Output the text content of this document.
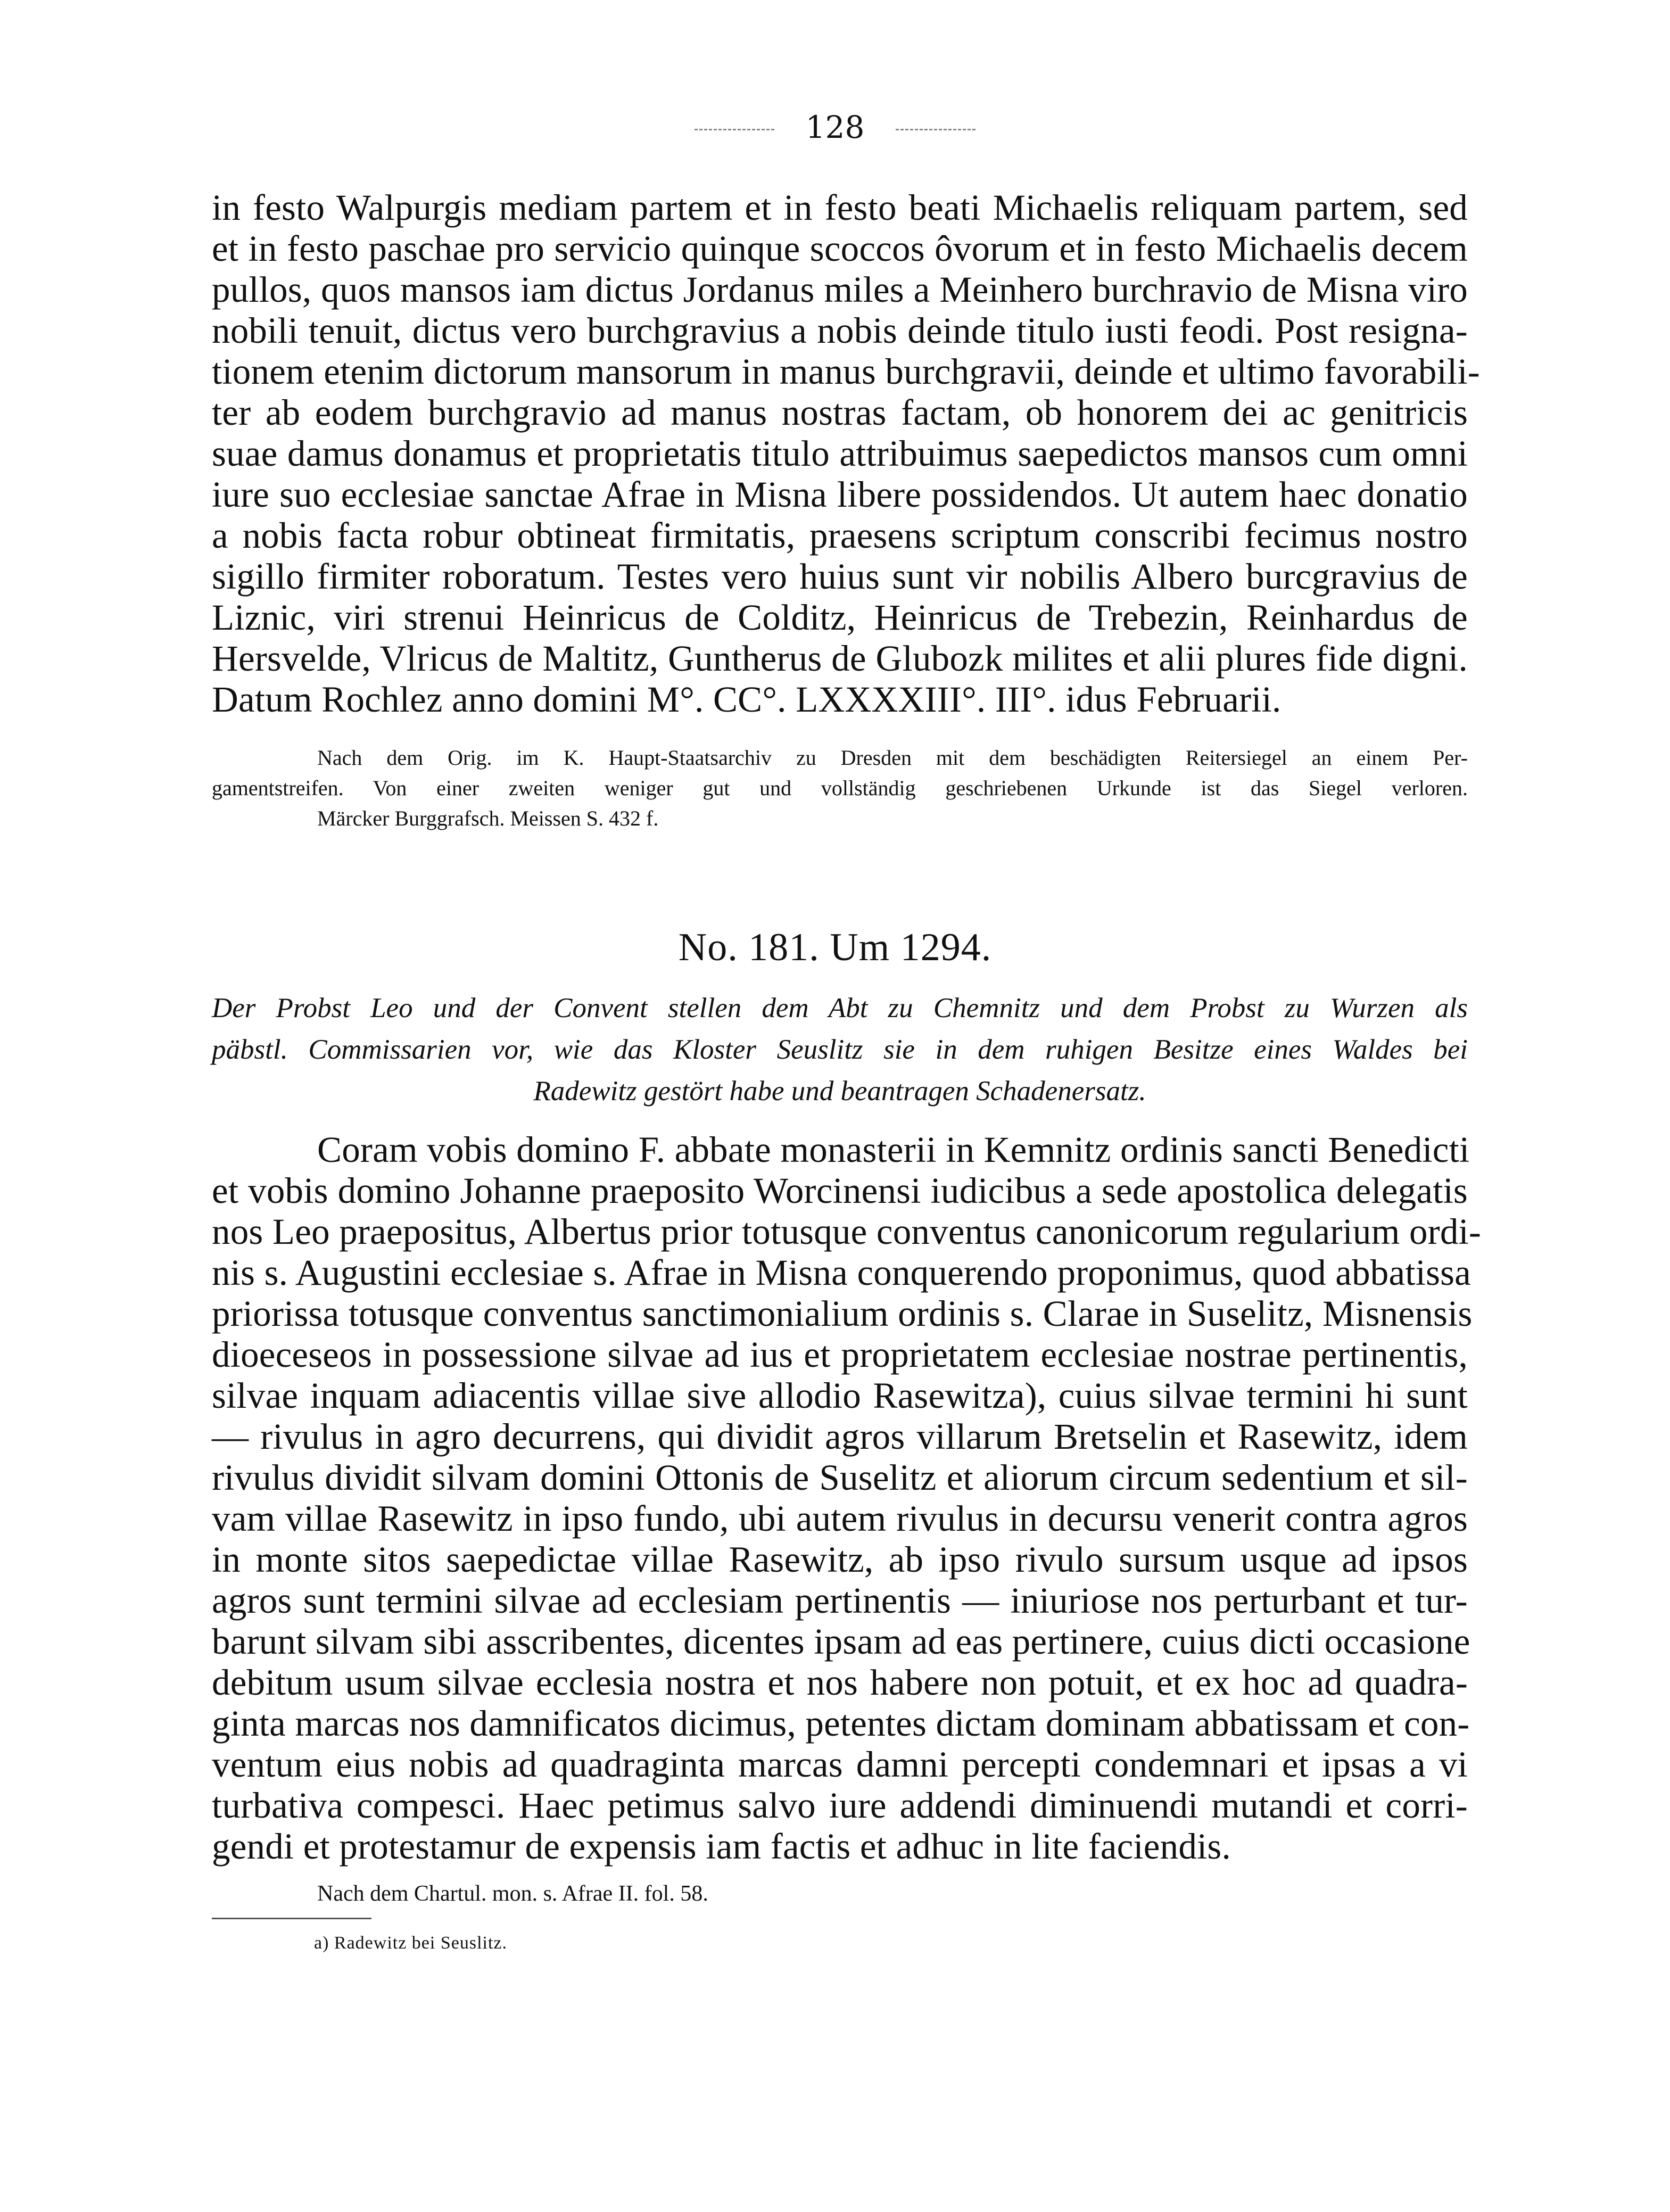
128
in festo Walpurgis mediam partem et in festo beati Michaelis reliquam partem, sed
et in festo paschae pro servicio quinque scoccos ôvorum et in festo Michaelis decem
pullos, quos mansos iam dictus Jordanus miles a Meinhero burchravio de Misna viro
nobili tenuit, dictus vero burchgravius a nobis deinde titulo iusti feodi. Post resigna-
tionem etenim dictorum mansorum in manus burchgravii, deinde et ultimo favorabili-
ter ab eodem burchgravio ad manus nostras factam, ob honorem dei ac genitricis
suae damus donamus et proprietatis titulo attribuimus saepedictos mansos cum omni
iure suo ecclesiae sanctae Afrae in Misna libere possidendos. Ut autem haec donatio
a nobis facta robur obtineat firmitatis, praesens scriptum conscribi fecimus nostro
sigillo firmiter roboratum. Testes vero huius sunt vir nobilis Albero burcgravius de
Liznic, viri strenui Heinricus de Colditz, Heinricus de Trebezin, Reinhardus de
Hersvelde, Vlricus de Maltitz, Guntherus de Glubozk milites et alii plures fide digni.
Datum Rochlez anno domini M°. CC°. LXXXXIII°. III°. idus Februarii.
Nach dem Orig. im K. Haupt-Staatsarchiv zu Dresden mit dem beschädigten Reitersiegel an einem Per-
gamentstreifen. Von einer zweiten weniger gut und vollständig geschriebenen Urkunde ist das Siegel verloren.
Märcker Burggrafsch. Meissen S. 432 f.
No. 181. Um 1294.
Der Probst Leo und der Convent stellen dem Abt zu Chemnitz und dem Probst zu Wurzen als
päbstl. Commissarien vor, wie das Kloster Seuslitz sie in dem ruhigen Besitze eines Waldes bei
Radewitz gestört habe und beantragen Schadenersatz.
Coram vobis domino F. abbate monasterii in Kemnitz ordinis sancti Benedicti
et vobis domino Johanne praeposito Worcinensi iudicibus a sede apostolica delegatis
nos Leo praepositus, Albertus prior totusque conventus canonicorum regularium ordi-
nis s. Augustini ecclesiae s. Afrae in Misna conquerendo proponimus, quod abbatissa
priorissa totusque conventus sanctimonialium ordinis s. Clarae in Suselitz, Misnensis
dioeceseos in possessione silvae ad ius et proprietatem ecclesiae nostrae pertinentis,
silvae inquam adiacentis villae sive allodio Rasewitza), cuius silvae termini hi sunt
— rivulus in agro decurrens, qui dividit agros villarum Bretselin et Rasewitz, idem
rivulus dividit silvam domini Ottonis de Suselitz et aliorum circum sedentium et sil-
vam villae Rasewitz in ipso fundo, ubi autem rivulus in decursu venerit contra agros
in monte sitos saepedictae villae Rasewitz, ab ipso rivulo sursum usque ad ipsos
agros sunt termini silvae ad ecclesiam pertinentis — iniuriose nos perturbant et tur-
barunt silvam sibi asscribentes, dicentes ipsam ad eas pertinere, cuius dicti occasione
debitum usum silvae ecclesia nostra et nos habere non potuit, et ex hoc ad quadra-
ginta marcas nos damnificatos dicimus, petentes dictam dominam abbatissam et con-
ventum eius nobis ad quadraginta marcas damni percepti condemnari et ipsas a vi
turbativa compesci. Haec petimus salvo iure addendi diminuendi mutandi et corri-
gendi et protestamur de expensis iam factis et adhuc in lite faciendis.
Nach dem Chartul. mon. s. Afrae II. fol. 58.
a) Radewitz bei Seuslitz.
